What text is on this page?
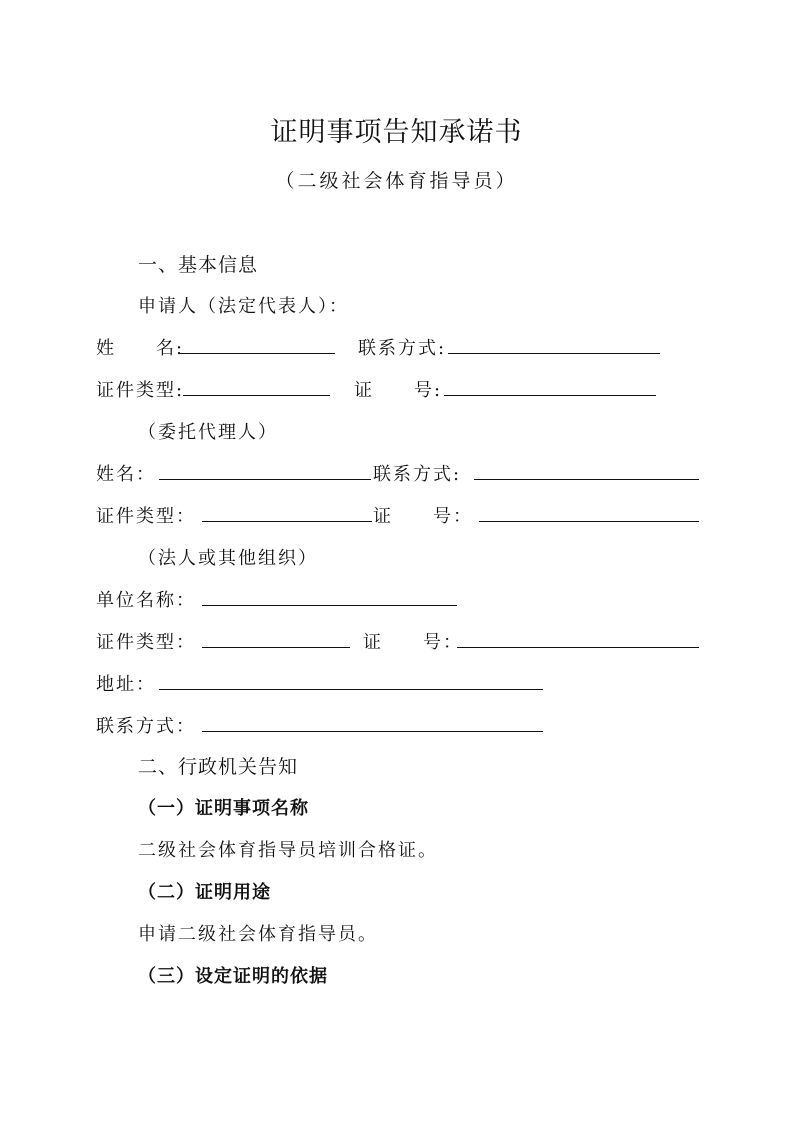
证明事项告知承诺书
（二级社会体育指导员）
一、基本信息
申请人（法定代表人）：
姓　　名:	联系方式:
证件类型:	证　　号:
（委托代理人）
姓名：	联系方式:
证件类型：	证　　号：
（法人或其他组织）
单位名称：
证件类型：	证　　号：
地址：
联系方式：
二、行政机关告知
（一）证明事项名称
二级社会体育指导员培训合格证。
（二）证明用途
申请二级社会体育指导员。
（三）设定证明的依据
